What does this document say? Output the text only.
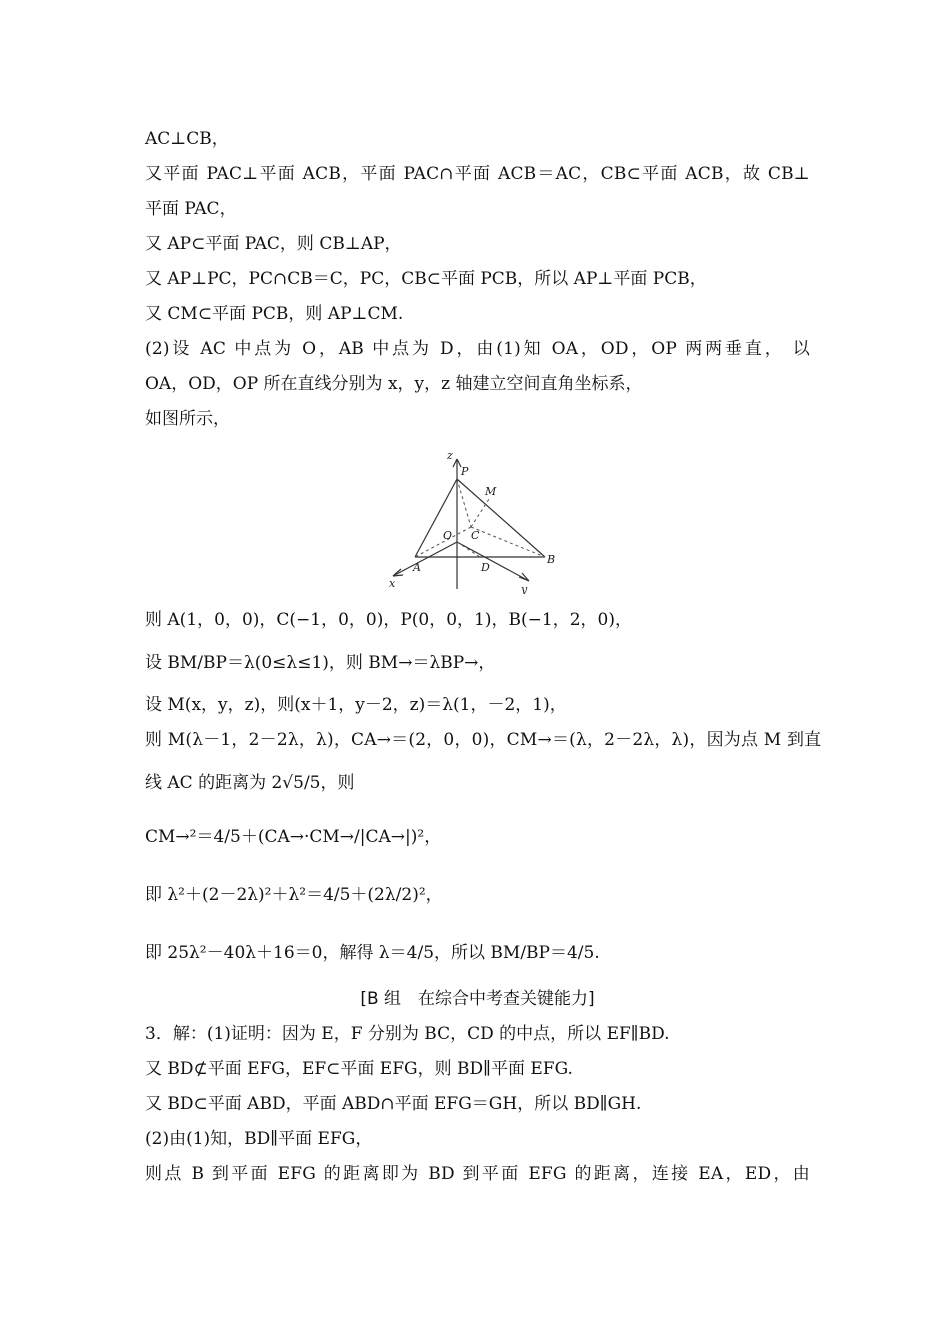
AC⊥CB，
又平面 PAC⊥平面 ACB，平面 PAC∩平面 ACB＝AC，CB⊂平面 ACB，故 CB⊥
平面 PAC，
又 AP⊂平面 PAC，则 CB⊥AP，
又 AP⊥PC，PC∩CB＝C，PC，CB⊂平面 PCB，所以 AP⊥平面 PCB，
又 CM⊂平面 PCB，则 AP⊥CM.
(2)设 AC 中点为 O，AB 中点为 D，由(1)知 OA，OD，OP 两两垂直， 以
OA，OD，OP 所在直线分别为 x，y，z 轴建立空间直角坐标系，
如图所示，
z
P
M
O C
A	D
B
x	y
则 A(1，0，0)，C(−1，0，0)，P(0，0，1)，B(−1，2，0)，
设 BM/BP＝λ(0≤λ≤1)，则 BM→＝λBP→，
设 M(x，y，z)，则(x＋1，y－2，z)＝λ(1，－2，1)，
则 M(λ－1，2－2λ，λ)，CA→＝(2，0，0)，CM→＝(λ，2－2λ，λ)，因为点 M 到直
线 AC 的距离为 2√5/5，则
CM→²＝4/5＋(CA→·CM→/|CA→|)²，
即 λ²＋(2－2λ)²＋λ²＝4/5＋(2λ/2)²，
即 25λ²－40λ＋16＝0，解得 λ＝4/5，所以 BM/BP＝4/5.
[B 组　在综合中考查关键能力]
3．解：(1)证明：因为 E，F 分别为 BC，CD 的中点，所以 EF∥BD.
又 BD⊄平面 EFG，EF⊂平面 EFG，则 BD∥平面 EFG.
又 BD⊂平面 ABD，平面 ABD∩平面 EFG＝GH，所以 BD∥GH.
(2)由(1)知，BD∥平面 EFG，
则点 B 到平面 EFG 的距离即为 BD 到平面 EFG 的距离，连接 EA，ED，由
